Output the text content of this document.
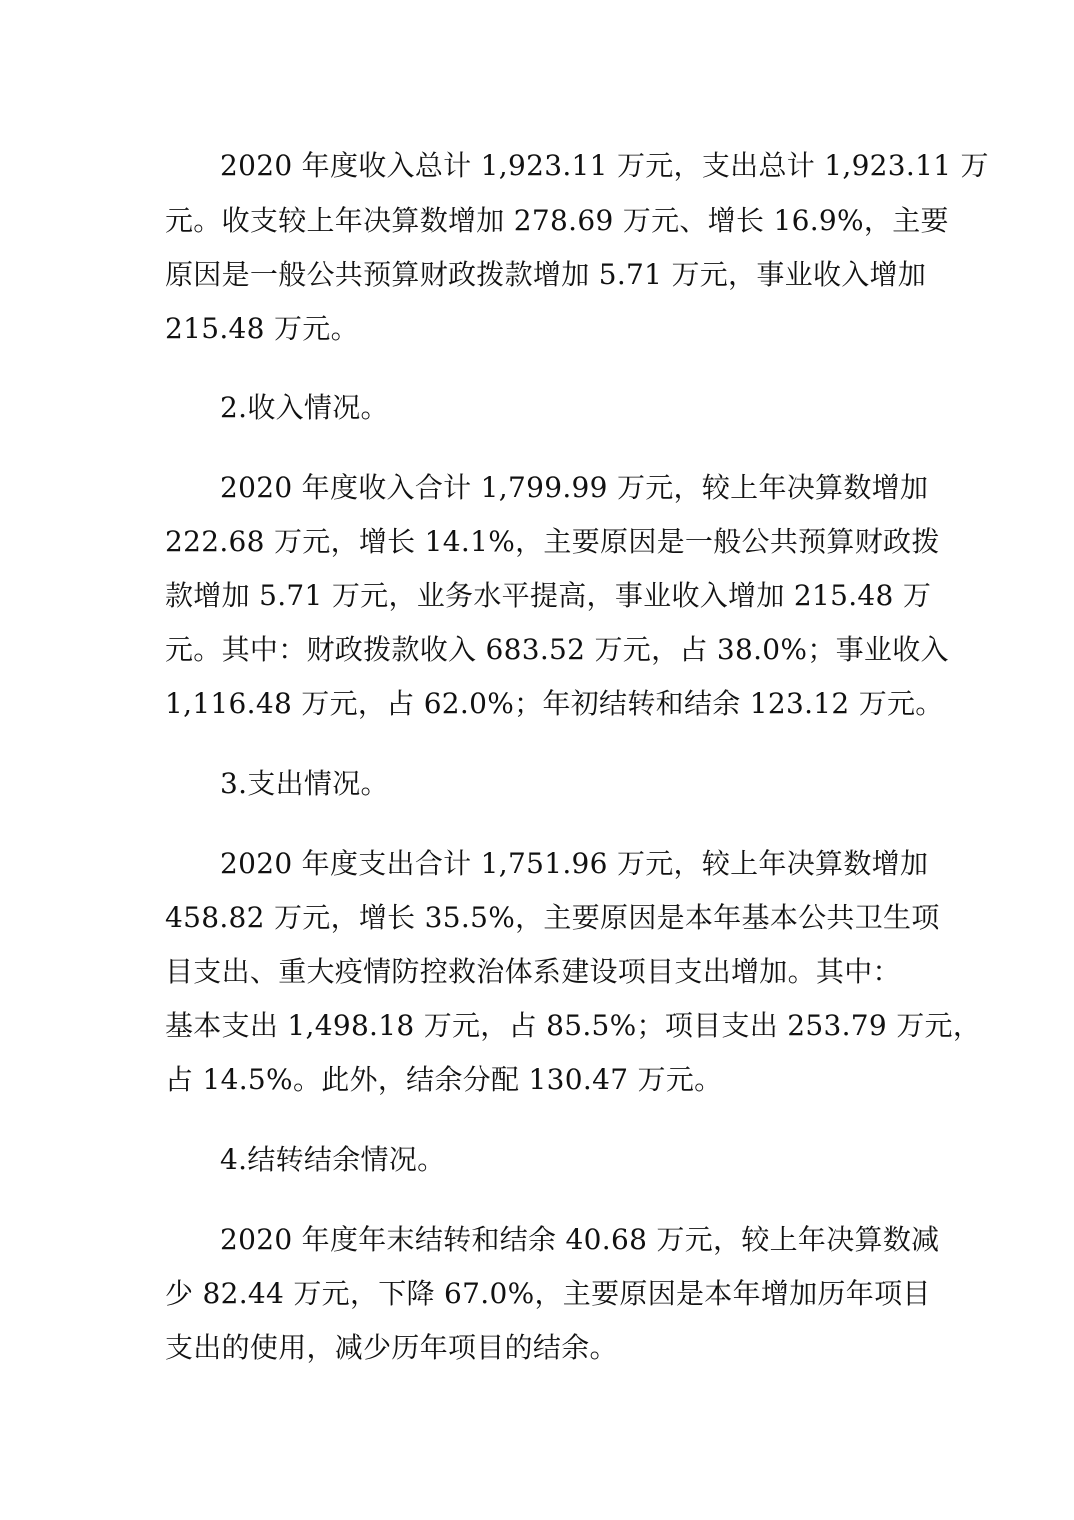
2020 年度收入总计 1,923.11 万元，支出总计 1,923.11 万
元。收支较上年决算数增加 278.69 万元、增长 16.9%，主要
原因是一般公共预算财政拨款增加 5.71 万元，事业收入增加
215.48 万元。
2.收入情况。
2020 年度收入合计 1,799.99 万元，较上年决算数增加
222.68 万元，增长 14.1%，主要原因是一般公共预算财政拨
款增加 5.71 万元，业务水平提高，事业收入增加 215.48 万
元。其中：财政拨款收入 683.52 万元，占 38.0%；事业收入
1,116.48 万元，占 62.0%；年初结转和结余 123.12 万元。
3.支出情况。
2020 年度支出合计 1,751.96 万元，较上年决算数增加
458.82 万元，增长 35.5%，主要原因是本年基本公共卫生项
目支出、重大疫情防控救治体系建设项目支出增加。其中：
基本支出 1,498.18 万元，占 85.5%；项目支出 253.79 万元，
占 14.5%。此外，结余分配 130.47 万元。
4.结转结余情况。
2020 年度年末结转和结余 40.68 万元，较上年决算数减
少 82.44 万元，下降 67.0%，主要原因是本年增加历年项目
支出的使用，减少历年项目的结余。
